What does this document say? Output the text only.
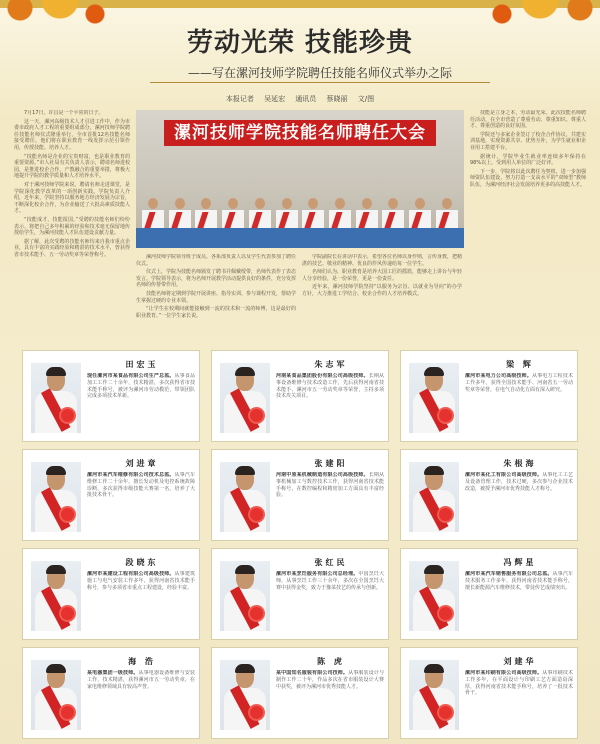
劳动光荣 技能珍贵
——写在漯河技师学院聘任技能名师仪式举办之际
本报记者 吴延宏 通讯员 蔡晓丽 文/图

7月17日，许昌是一个平常的日子。

这一天，漯河高级技术人才引进工作中，作为市委市政府人才工程的重要组成部分，漯河技师学院聘任技能名师仪式隆重举行，全市首批12名技能名师接受聘任，他们将在职业教育一线发挥示范引领作用，传授技能、培养人才。

“技能名师是企业的宝贵财富，也是职业教育的重要资源。”市人社局有关负责人表示，聘请名师进校园，是推进校企合作、产教融合的重要举措，将极大地提升学院的教学质量和人才培养水平。

对于漯河技师学院来说，聘请名师走进课堂，是学院深化教学改革的一项创新实践。学院负责人介绍，近年来，学院坚持以服务地方经济发展为宗旨，不断深化校企合作，为企业输送了大批高素质技能人才。

“技能成才、技能报国。”受聘的技能名师们纷纷表示，将把自己多年积累的经验和技术毫无保留地传授给学生，为漯河技能人才队伍建设贡献力量。

据了解，此次受聘的技能名师均来自我市重点企业，具有丰富的实践经验和精湛的技术水平，曾获得省市技术能手、五一劳动奖章等荣誉称号。

漯河技师学院技能名师聘任大会

漯河技师学院领导班子成员、各系部负责人以及学生代表参加了聘任仪式。

仪式上，学院为技能名师颁发了聘书并佩戴绶带，名师代表作了表态发言。学院领导表示，将为名师开展教学活动提供良好的条件，充分发挥名师的传帮带作用。

技能名师将定期到学院开展讲座、指导实训、参与课程开发，帮助学生掌握过硬的专业本领。

“让学生在校期间就能接触到一流的技术和一流的师傅，这是最好的职业教育。”一位学生家长说。

学院副院长在讲话中表示，希望各位名师以身作则，言传身教，把精湛的技艺、敬业的精神、优良的作风传递给每一位学生。

名师们认为，职业教育是培养大国工匠的摇篮，能够走上讲台与年轻人分享经验，是一份荣誉，更是一份责任。

近年来，漯河技师学院坚持“以服务为宗旨、以就业为导向”的办学方针，大力推进工学结合、校企合作的人才培养模式。

技能是立身之本，劳动最光荣。此次技能名师聘任活动，在全市营造了尊重劳动、尊重知识、尊重人才、尊重创造的良好氛围。

学院还与多家企业签订了校企合作协议，共建实训基地，实现资源共享、优势互补，为学生就业和企业用工搭建平台。

据统计，学院毕业生就业率连续多年保持在98%以上，受到用人单位的广泛好评。

下一步，学院将以此次聘任为契机，进一步加强师资队伍建设，努力打造一支高水平的“双师型”教师队伍，为漯河经济社会发展培养更多的高技能人才。

田宏玉
现任漯河市某食品有限公司生产总监。从事食品加工工作二十余年，技术精湛，多次获得省市技术能手称号，被评为漯河市劳动模范，带领团队完成多项技术革新。
朱志军
河南某食品集团股份有限公司高级技师。长期从事设备维修与技术改造工作，先后获得河南省技术能手、漯河市五一劳动奖章等荣誉，主持多项技术攻关项目。
梁 辉
漯河市某电力公司高级技师。从事电力工程技术工作多年，获得全国技术能手、河南省五一劳动奖章等荣誉，在电气自动化方面有深入研究。
刘进章
漯河市某汽车维修有限公司技术总监。从事汽车维修工作二十余年，擅长发动机及电控系统故障诊断，多次获得市级技能大赛第一名，培养了大批技术骨干。
张建阳
河南中原某机械制造有限公司高级技师。长期从事机械加工与数控技术工作，获得河南省技术能手称号，在数控编程和精密加工方面具有丰富经验。
朱根海
漯河市某化工有限公司高级技师。从事化工工艺及设备管理工作，技术过硬，多次参与企业技术改造，被授予漯河市优秀技能人才称号。
段晓东
漯河市某建设工程有限公司高级技师。从事建筑施工与电气安装工作多年，获得河南省技术能手称号，参与多项省市重点工程建设，经验丰富。
张红民
漯河市某烹饪服务有限公司总经理。中国烹饪大师，从事烹饪工作三十余年，多次在全国烹饪大赛中获得金奖，致力于豫菜技艺的传承与创新。
冯辉星
漯河市某汽车销售服务有限公司总监。从事汽车技术服务工作多年，获得河南省技术能手称号，擅长新能源汽车维修技术，带徒传艺成绩突出。
海 浩
某电器集团一级技师。从事电器设备维修与安装工作，技术精湛，获得漯河市五一劳动奖章，在家电维修领域具有较高声誉。
陈 虎
某中国知名服装有限公司技师。从事服装设计与制作工作二十年，作品多次在省市服装设计大赛中获奖，被评为漯河市优秀技能人才。
刘建华
漯河市某印刷有限公司高级技师。从事印刷技术工作多年，在平面设计与印刷工艺方面造诣深厚，获得河南省技术能手称号，培养了一批技术骨干。
